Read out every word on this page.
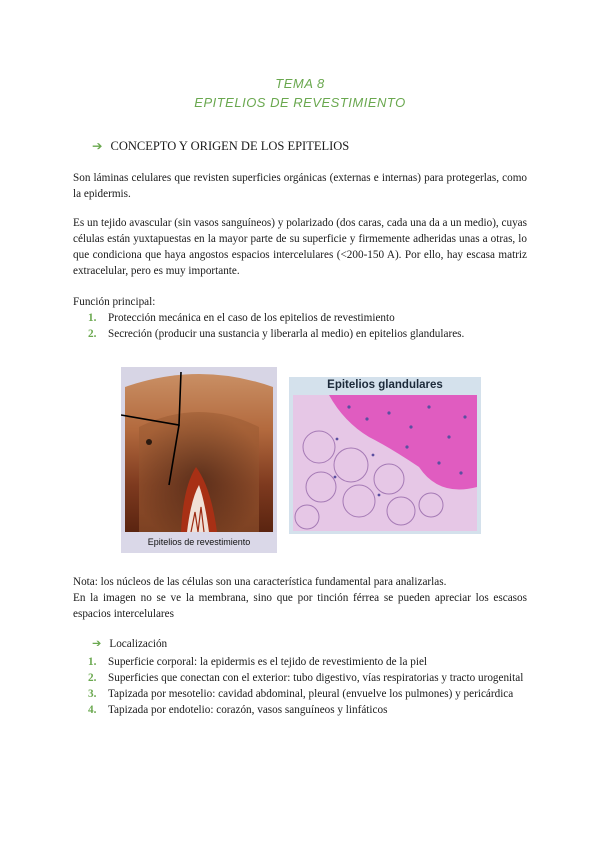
TEMA 8
EPITELIOS DE REVESTIMIENTO
➔ CONCEPTO Y ORIGEN DE LOS EPITELIOS
Son láminas celulares que revisten superficies orgánicas (externas e internas) para protegerlas, como la epidermis.
Es un tejido avascular (sin vasos sanguíneos) y polarizado (dos caras, cada una da a un medio), cuyas células están yuxtapuestas en la mayor parte de su superficie y firmemente adheridas unas a otras, lo que condiciona que haya angostos espacios intercelulares (<200-150 A). Por ello, hay escasa matriz extracelular, pero es muy importante.
Función principal:
1. Protección mecánica en el caso de los epitelios de revestimiento
2. Secreción (producir una sustancia y liberarla al medio) en epitelios glandulares.
Epitelios de revestimiento
Epitelios glandulares
Nota: los núcleos de las células son una característica fundamental para analizarlas.
En la imagen no se ve la membrana, sino que por tinción férrea se pueden apreciar los escasos espacios intercelulares
➔ Localización
1. Superficie corporal: la epidermis es el tejido de revestimiento de la piel
2. Superficies que conectan con el exterior: tubo digestivo, vías respiratorias y tracto urogenital
3. Tapizada por mesotelio: cavidad abdominal, pleural (envuelve los pulmones) y pericárdica
4. Tapizada por endotelio: corazón, vasos sanguíneos y linfáticos
